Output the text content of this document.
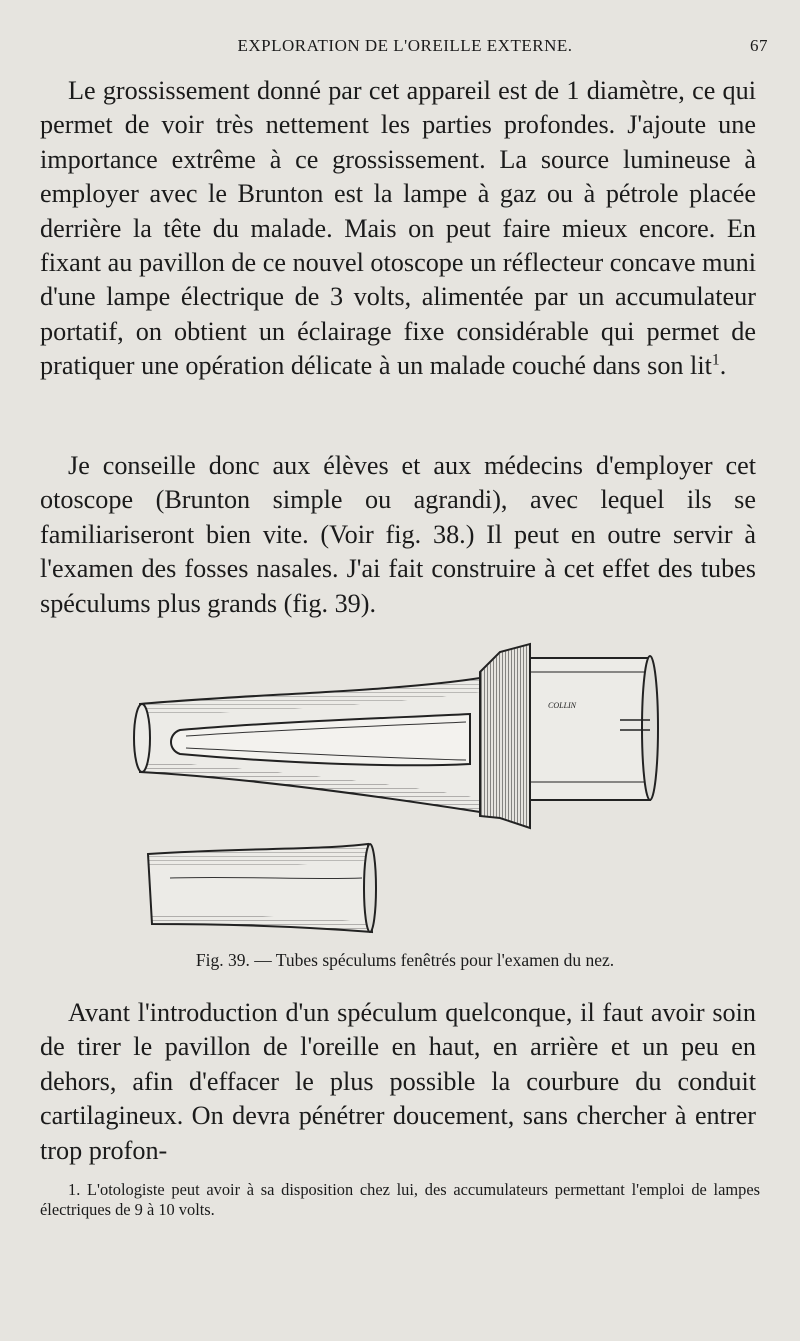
EXPLORATION DE L'OREILLE EXTERNE.	67

Le grossissement donné par cet appareil est de 1 diamètre, ce qui permet de voir très nettement les parties profondes. J'ajoute une importance extrême à ce grossissement. La source lumineuse à employer avec le Brunton est la lampe à gaz ou à pétrole placée derrière la tête du malade. Mais on peut faire mieux encore. En fixant au pavillon de ce nouvel otoscope un réflecteur concave muni d'une lampe électrique de 3 volts, alimentée par un accumulateur portatif, on obtient un éclairage fixe considérable qui permet de pratiquer une opération délicate à un malade couché dans son lit$^1$.

Je conseille donc aux élèves et aux médecins d'employer cet otoscope (Brunton simple ou agrandi), avec lequel ils se familiariseront bien vite. (Voir fig. 38.) Il peut en outre servir à l'examen des fosses nasales. J'ai fait construire à cet effet des tubes spéculums plus grands (fig. 39).

COLLIN
Fig. 39. — Tubes spéculums fenêtrés pour l'examen du nez.

Avant l'introduction d'un spéculum quelconque, il faut avoir soin de tirer le pavillon de l'oreille en haut, en arrière et un peu en dehors, afin d'effacer le plus possible la courbure du conduit cartilagineux. On devra pénétrer doucement, sans chercher à entrer trop profon-

1. L'otologiste peut avoir à sa disposition chez lui, des accumulateurs permettant l'emploi de lampes électriques de 9 à 10 volts.
